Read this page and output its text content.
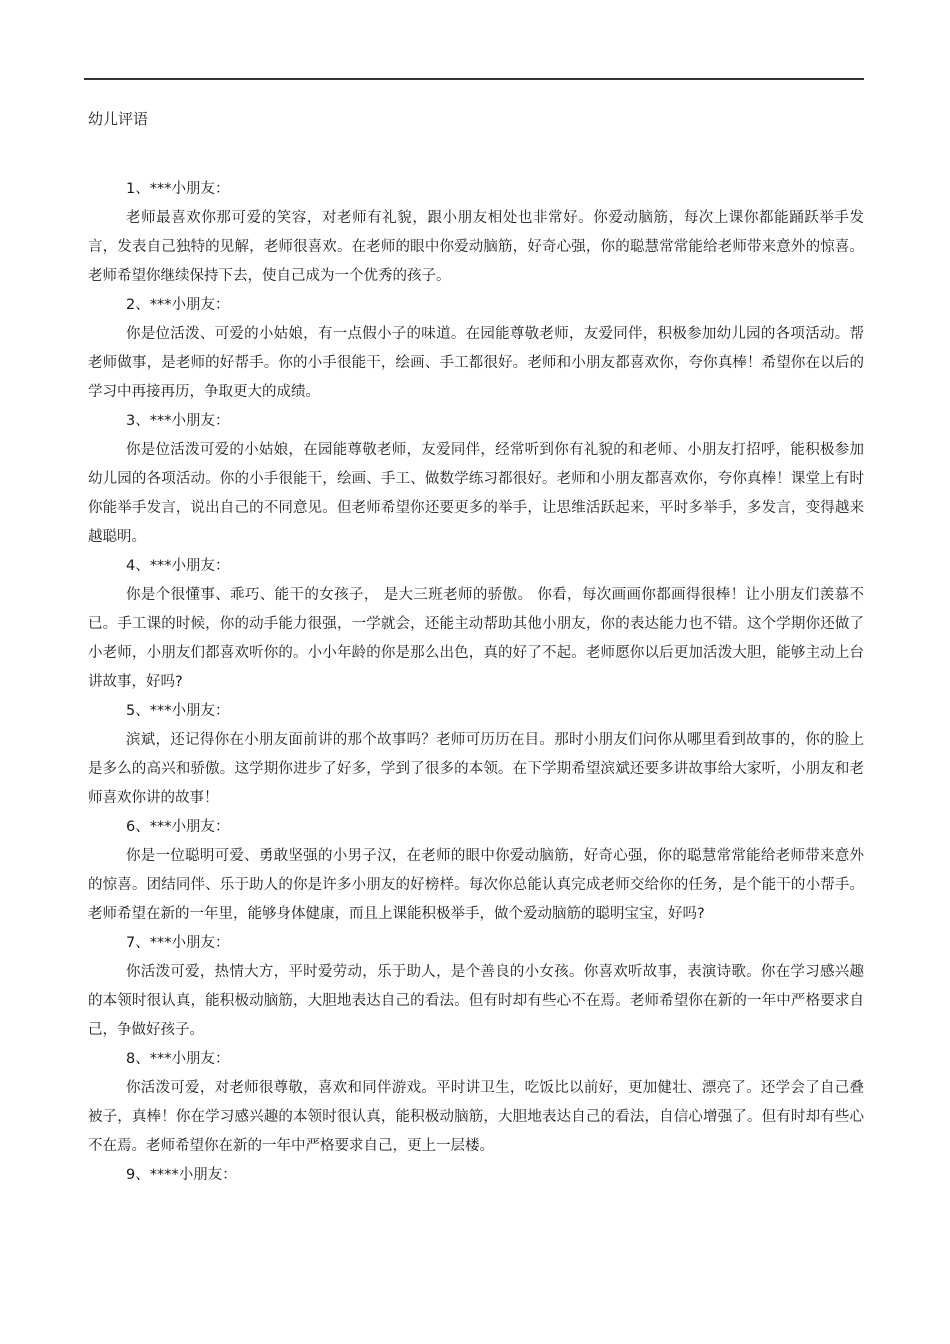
幼儿评语
1、***小朋友：

老师最喜欢你那可爱的笑容，对老师有礼貌，跟小朋友相处也非常好。你爱动脑筋，每次上课你都能踊跃举手发言，发表自己独特的见解，老师很喜欢。在老师的眼中你爱动脑筋，好奇心强，你的聪慧常常能给老师带来意外的惊喜。老师希望你继续保持下去，使自己成为一个优秀的孩子。

2、***小朋友：

你是位活泼、可爱的小姑娘，有一点假小子的味道。在园能尊敬老师，友爱同伴，积极参加幼儿园的各项活动。帮老师做事，是老师的好帮手。你的小手很能干，绘画、手工都很好。老师和小朋友都喜欢你，夸你真棒！希望你在以后的学习中再接再历，争取更大的成绩。

3、***小朋友：

你是位活泼可爱的小姑娘，在园能尊敬老师，友爱同伴，经常听到你有礼貌的和老师、小朋友打招呼，能积极参加幼儿园的各项活动。你的小手很能干，绘画、手工、做数学练习都很好。老师和小朋友都喜欢你，夸你真棒！课堂上有时你能举手发言，说出自己的不同意见。但老师希望你还要更多的举手，让思维活跃起来，平时多举手，多发言，变得越来越聪明。

4、***小朋友：

你是个很懂事、乖巧、能干的女孩子， 是大三班老师的骄傲。 你看，每次画画你都画得很棒！让小朋友们羡慕不已。手工课的时候，你的动手能力很强，一学就会，还能主动帮助其他小朋友，你的表达能力也不错。这个学期你还做了小老师，小朋友们都喜欢听你的。小小年龄的你是那么出色，真的好了不起。老师愿你以后更加活泼大胆，能够主动上台讲故事，好吗?

5、***小朋友：

滨斌，还记得你在小朋友面前讲的那个故事吗？老师可历历在目。那时小朋友们问你从哪里看到故事的，你的脸上是多么的高兴和骄傲。这学期你进步了好多，学到了很多的本领。在下学期希望滨斌还要多讲故事给大家听，小朋友和老师喜欢你讲的故事！

6、***小朋友：

你是一位聪明可爱、勇敢坚强的小男子汉，在老师的眼中你爱动脑筋，好奇心强，你的聪慧常常能给老师带来意外的惊喜。团结同伴、乐于助人的你是许多小朋友的好榜样。每次你总能认真完成老师交给你的任务，是个能干的小帮手。老师希望在新的一年里，能够身体健康，而且上课能积极举手，做个爱动脑筋的聪明宝宝，好吗?

7、***小朋友：

你活泼可爱，热情大方，平时爱劳动，乐于助人，是个善良的小女孩。你喜欢听故事，表演诗歌。你在学习感兴趣的本领时很认真，能积极动脑筋，大胆地表达自己的看法。但有时却有些心不在焉。老师希望你在新的一年中严格要求自己，争做好孩子。

8、***小朋友：

你活泼可爱，对老师很尊敬，喜欢和同伴游戏。平时讲卫生，吃饭比以前好，更加健壮、漂亮了。还学会了自己叠被子，真棒！你在学习感兴趣的本领时很认真，能积极动脑筋，大胆地表达自己的看法，自信心增强了。但有时却有些心不在焉。老师希望你在新的一年中严格要求自己，更上一层楼。

9、****小朋友：
